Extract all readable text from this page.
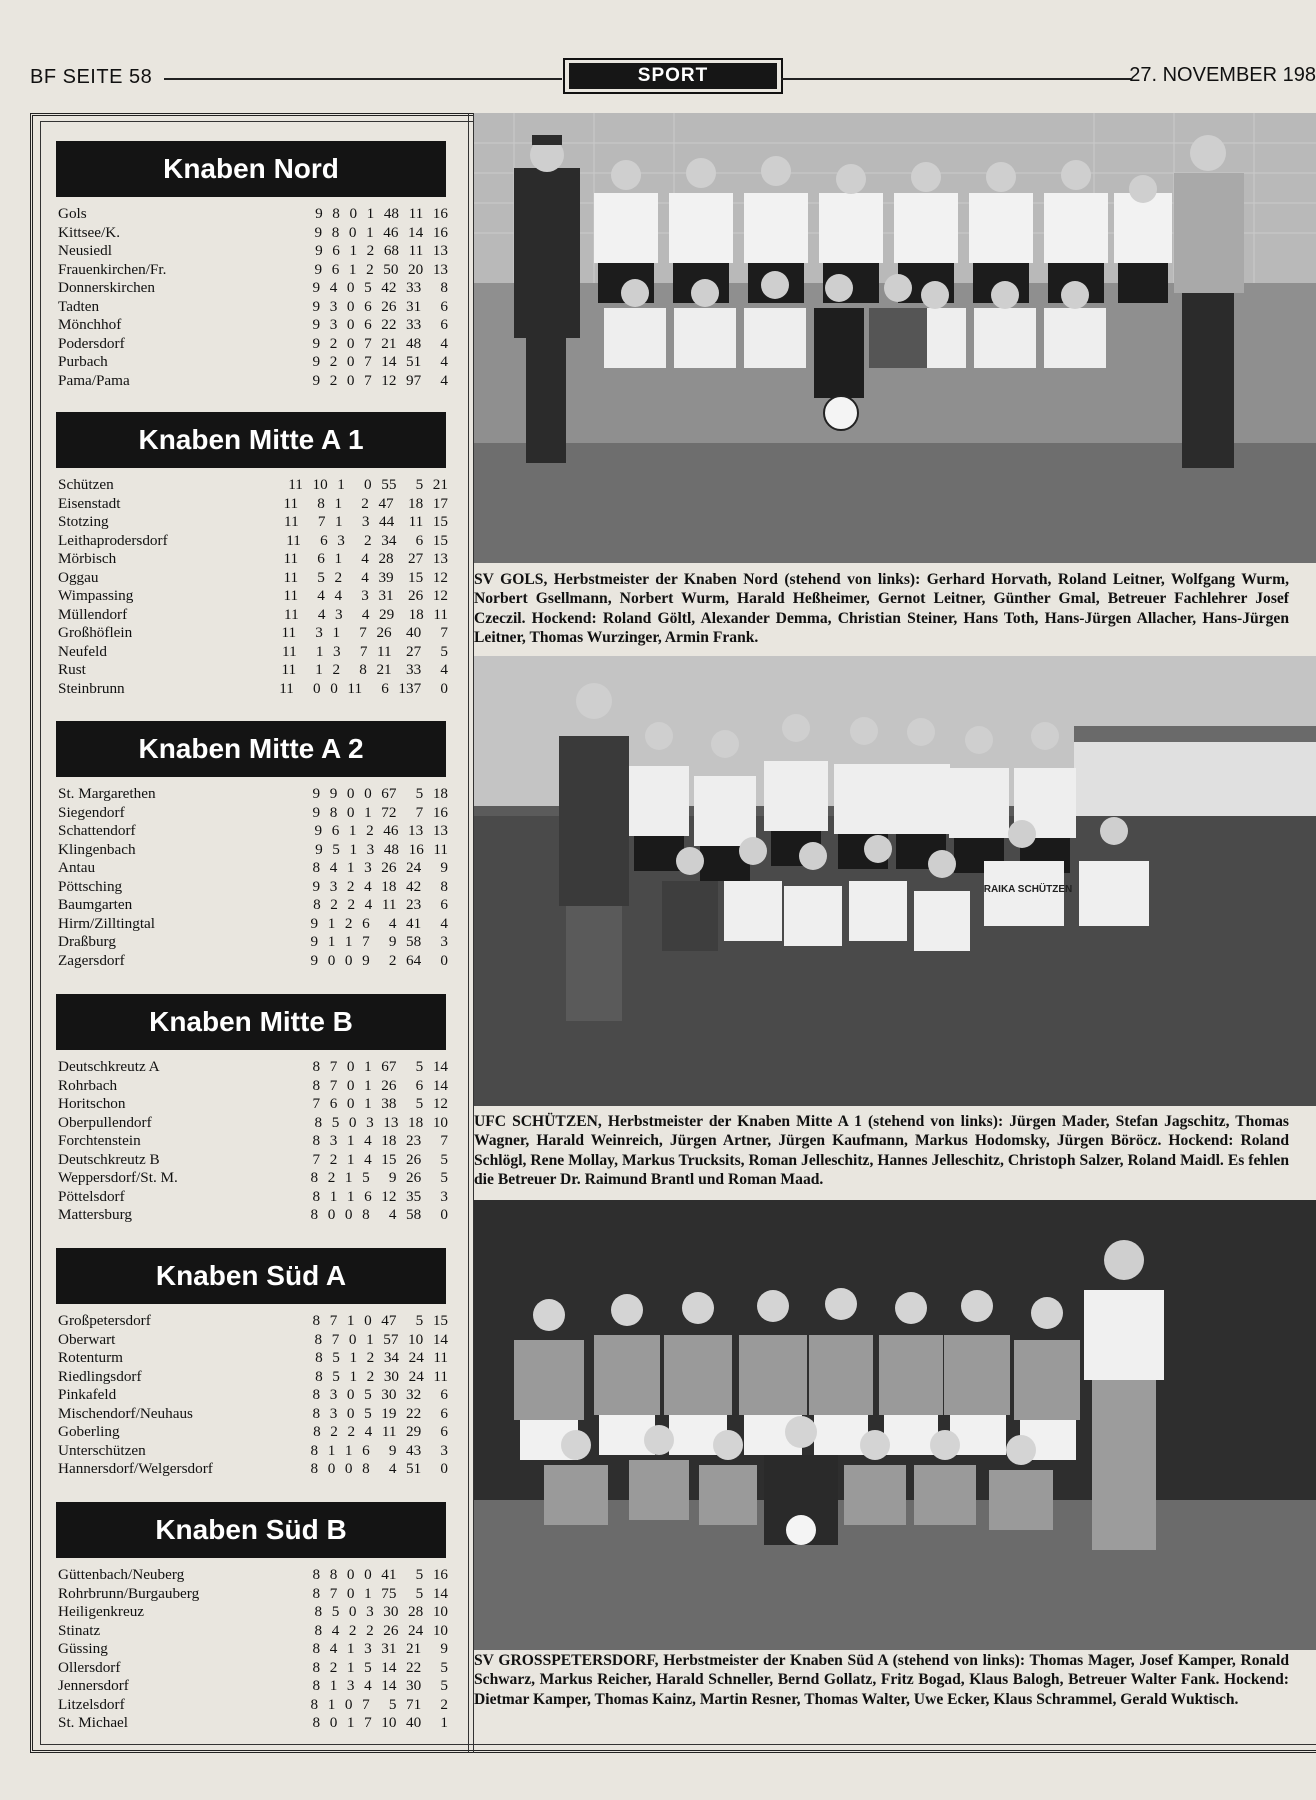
BF SEITE 58	SPORT	27. NOVEMBER 198
Knaben Nord
Gols	9  8  0  1  48  11  16
Kittsee/K.	9  8  0  1  46  14  16
Neusiedl	9  6  1  2  68  11  13
Frauenkirchen/Fr.	9  6  1  2  50  20  13
Donnerskirchen	9  4  0  5  42  33    8
Tadten	9  3  0  6  26  31    6
Mönchhof	9  3  0  6  22  33    6
Podersdorf	9  2  0  7  21  48    4
Purbach	9  2  0  7  14  51    4
Pama/Pama	9  2  0  7  12  97    4
Knaben Mitte A 1
Schützen	11  10  1    0  55    5  21
Eisenstadt	11    8  1    2  47   18  17
Stotzing	11    7  1    3  44   11  15
Leithaprodersdorf	11    6  3    2  34    6  15
Mörbisch	11    6  1    4  28   27  13
Oggau	11    5  2    4  39   15  12
Wimpassing	11    4  4    3  31   26  12
Müllendorf	11    4  3    4  29   18  11
Großhöflein	11    3  1    7  26   40    7
Neufeld	11    1  3    7  11   27    5
Rust	11    1  2    8  21   33    4
Steinbrunn	11    0  0  11    6  137    0
Knaben Mitte A 2
St. Margarethen	9  9  0  0  67    5  18
Siegendorf	9  8  0  1  72    7  16
Schattendorf	9  6  1  2  46  13  13
Klingenbach	9  5  1  3  48  16  11
Antau	8  4  1  3  26  24    9
Pöttsching	9  3  2  4  18  42    8
Baumgarten	8  2  2  4  11  23    6
Hirm/Zilltingtal	9  1  2  6    4  41    4
Draßburg	9  1  1  7    9  58    3
Zagersdorf	9  0  0  9    2  64    0
Knaben Mitte B
Deutschkreutz A	8  7  0  1  67    5  14
Rohrbach	8  7  0  1  26    6  14
Horitschon	7  6  0  1  38    5  12
Oberpullendorf	8  5  0  3  13  18  10
Forchtenstein	8  3  1  4  18  23    7
Deutschkreutz B	7  2  1  4  15  26    5
Weppersdorf/St. M.	8  2  1  5    9  26    5
Pöttelsdorf	8  1  1  6  12  35    3
Mattersburg	8  0  0  8    4  58    0
Knaben Süd A
Großpetersdorf	8  7  1  0  47    5  15
Oberwart	8  7  0  1  57  10  14
Rotenturm	8  5  1  2  34  24  11
Riedlingsdorf	8  5  1  2  30  24  11
Pinkafeld	8  3  0  5  30  32    6
Mischendorf/Neuhaus	8  3  0  5  19  22    6
Goberling	8  2  2  4  11  29    6
Unterschützen	8  1  1  6    9  43    3
Hannersdorf/Welgersdorf	8  0  0  8    4  51    0
Knaben Süd B
Güttenbach/Neuberg	8  8  0  0  41    5  16
Rohrbrunn/Burgauberg	8  7  0  1  75    5  14
Heiligenkreuz	8  5  0  3  30  28  10
Stinatz	8  4  2  2  26  24  10
Güssing	8  4  1  3  31  21    9
Ollersdorf	8  2  1  5  14  22    5
Jennersdorf	8  1  3  4  14  30    5
Litzelsdorf	8  1  0  7    5  71    2
St. Michael	8  0  1  7  10  40    1
SV GOLS, Herbstmeister der Knaben Nord (stehend von links): Gerhard Horvath, Roland Leitner, Wolfgang Wurm, Norbert Gsellmann, Norbert Wurm, Harald Heßheimer, Gernot Leitner, Günther Gmal, Betreuer Fachlehrer Josef Czeczil. Hockend: Roland Göltl, Alexander Demma, Christian Steiner, Hans Toth, Hans-Jürgen Allacher, Hans-Jürgen Leitner, Thomas Wurzinger, Armin Frank.
RAIKA SCHÜTZEN
UFC SCHÜTZEN, Herbstmeister der Knaben Mitte A 1 (stehend von links): Jürgen Mader, Stefan Jagschitz, Thomas Wagner, Harald Weinreich, Jürgen Artner, Jürgen Kaufmann, Markus Hodomsky, Jürgen Böröcz. Hockend: Roland Schlögl, Rene Mollay, Markus Trucksits, Roman Jelleschitz, Hannes Jelleschitz, Christoph Salzer, Roland Maidl. Es fehlen die Betreuer Dr. Raimund Brantl und Roman Maad.
SV GROSSPETERSDORF, Herbstmeister der Knaben Süd A (stehend von links): Thomas Mager, Josef Kamper, Ronald Schwarz, Markus Reicher, Harald Schneller, Bernd Gollatz, Fritz Bogad, Klaus Balogh, Betreuer Walter Fank. Hockend: Dietmar Kamper, Thomas Kainz, Martin Resner, Thomas Walter, Uwe Ecker, Klaus Schrammel, Gerald Wuktisch.
